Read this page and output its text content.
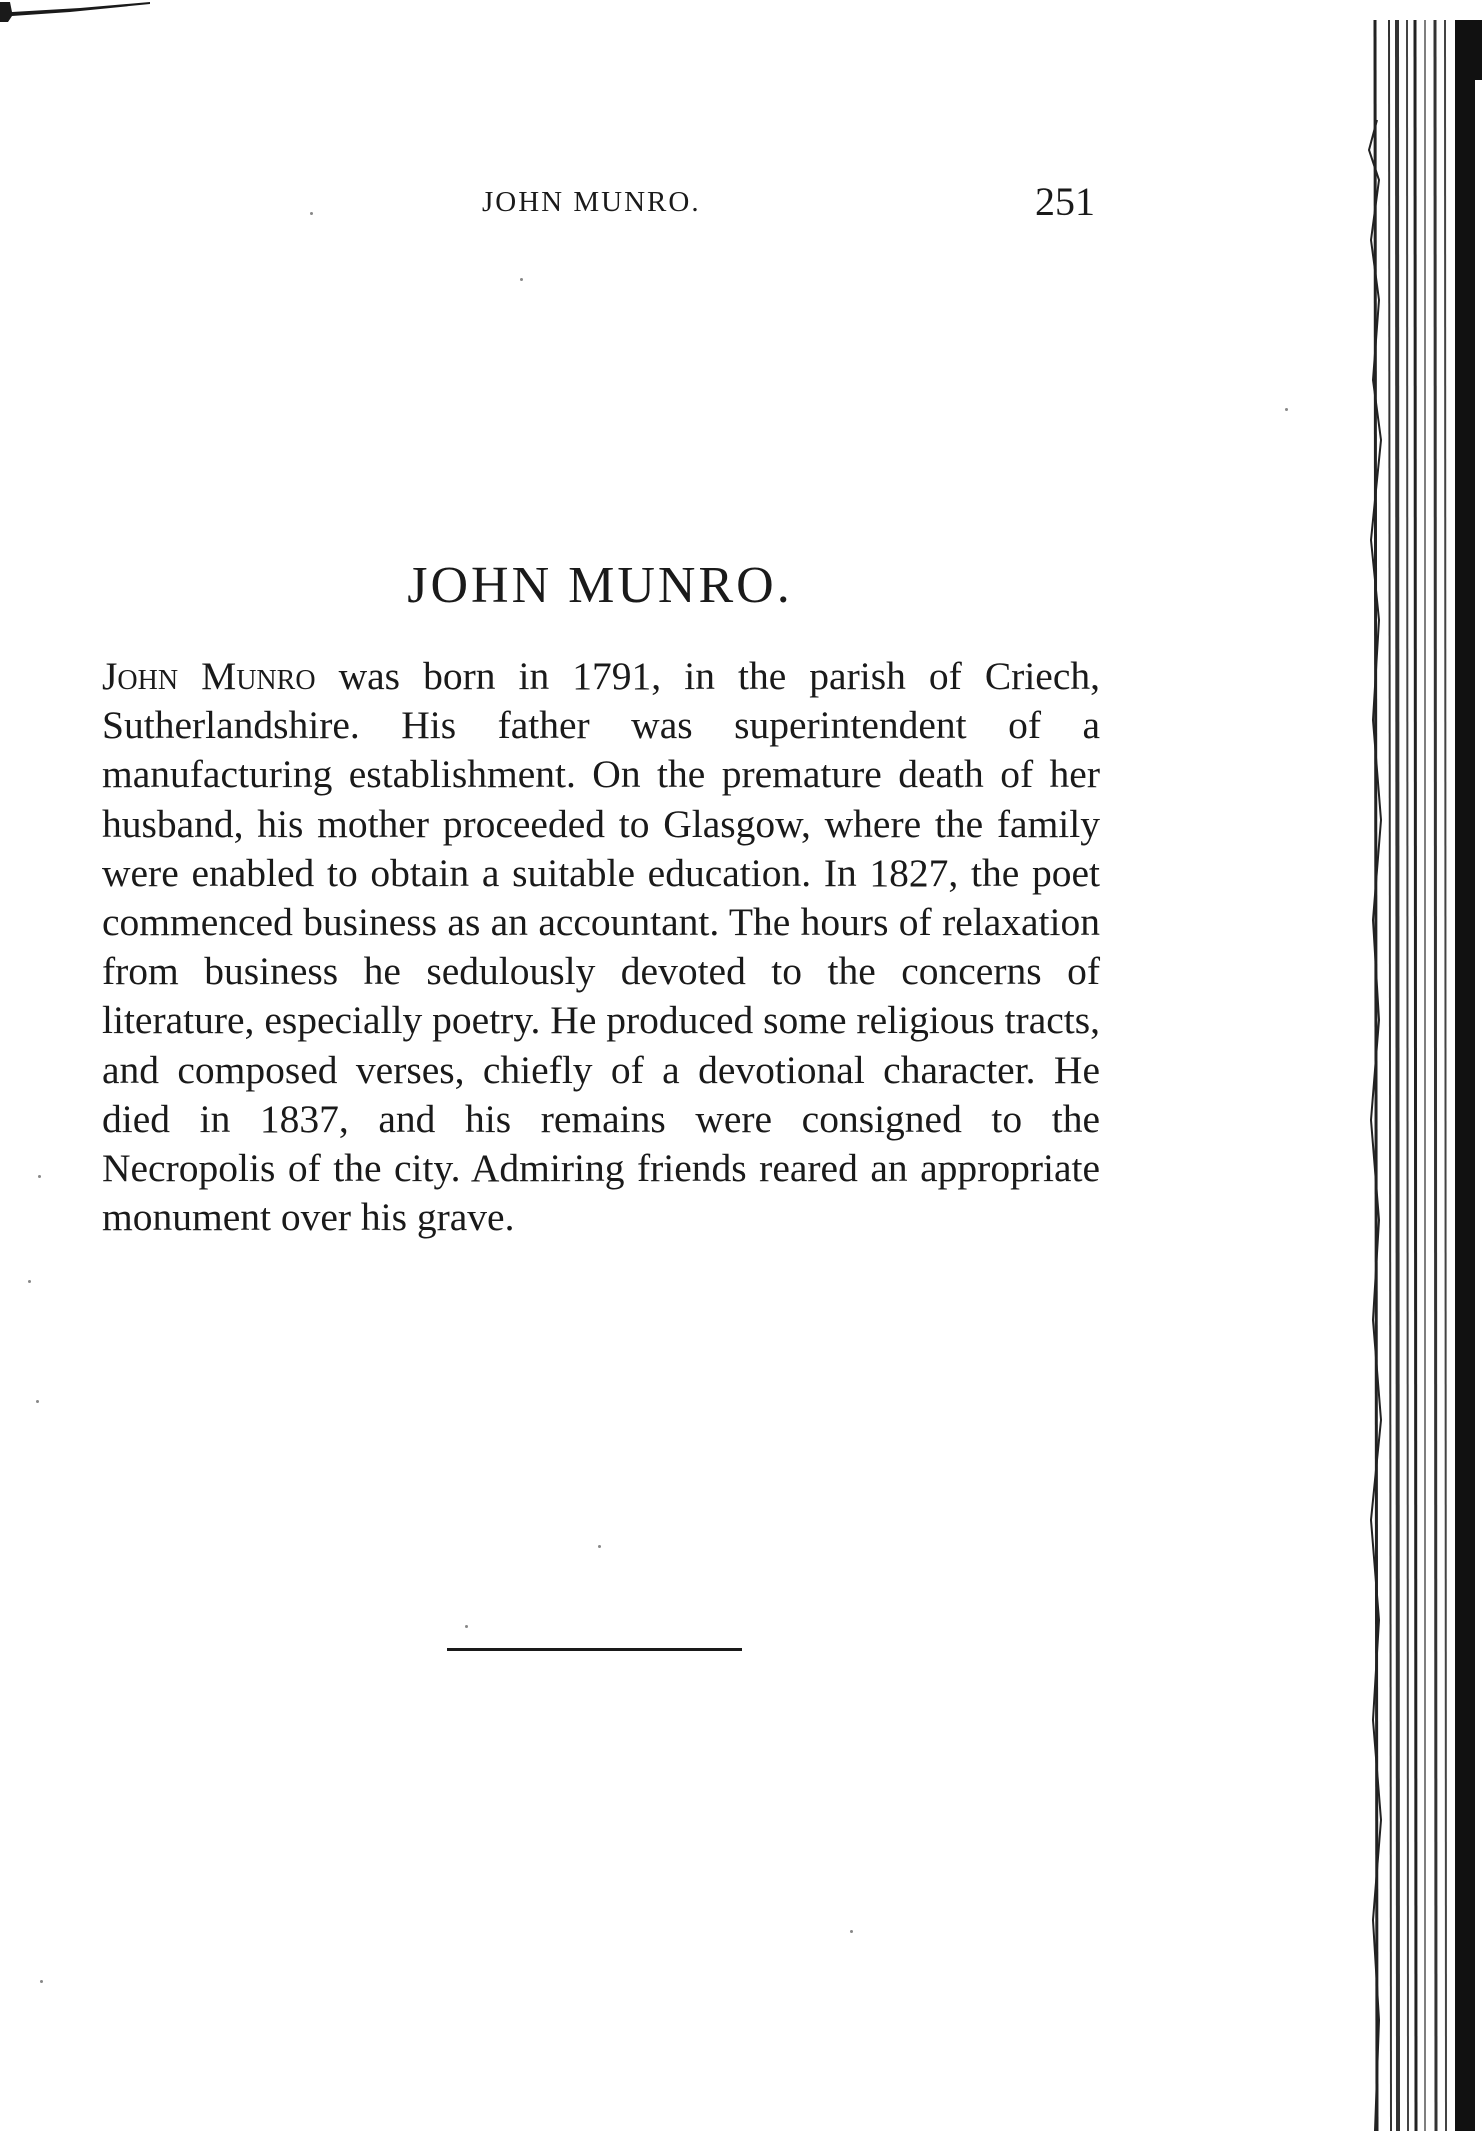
JOHN MUNRO.	251
JOHN MUNRO.

John Munro was born in 1791, in the parish of Criech, Sutherlandshire. His father was superintendent of a manufacturing establishment. On the premature death of her husband, his mother proceeded to Glasgow, where the family were enabled to obtain a suitable education. In 1827, the poet commenced business as an accountant. The hours of relaxation from business he sedulously devoted to the concerns of literature, especially poetry. He produced some religious tracts, and composed verses, chiefly of a devotional character. He died in 1837, and his remains were consigned to the Necropolis of the city. Admiring friends reared an appropriate monument over his grave.
